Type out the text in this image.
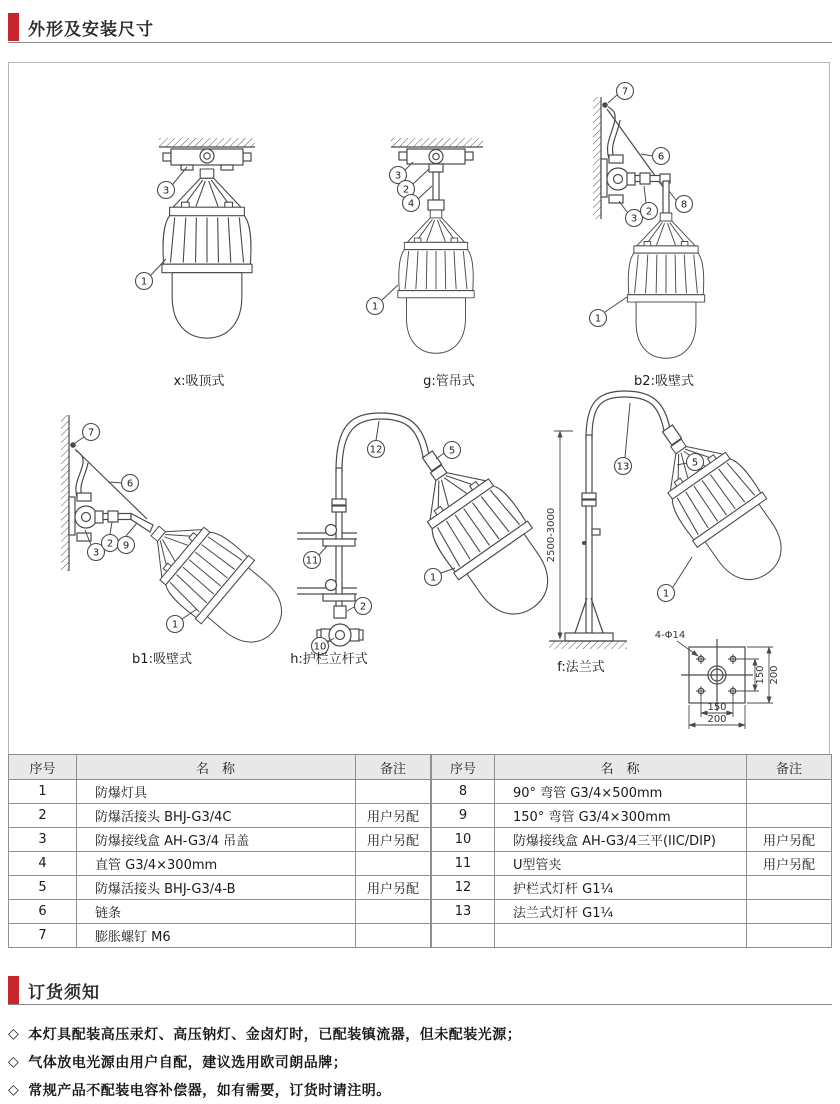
外形及安装尺寸
3
1
x:吸顶式
3
2
4
1
g:管吊式
7
6
3
2
8
1
b2:吸壁式
7
6
3
2 9
1
b1:吸壁式
12	5
11
2
10
1
h:护栏立杆式
2500-3000
13	5
1
f:法兰式
4-Φ14
150 200
150
200
序号	名　称	备注
1	防爆灯具	
2	防爆活接头 BHJ-G3/4C	用户另配
3	防爆接线盒 AH-G3/4 吊盖	用户另配
4	直管 G3/4×300mm	
5	防爆活接头 BHJ-G3/4-B	用户另配
6	链条	
7	膨胀螺钉 M6	
序号	名　称	备注
8	90° 弯管 G3/4×500mm	
9	150° 弯管 G3/4×300mm	
10	防爆接线盒 AH-G3/4三平(IIC/DIP)	用户另配
11	U型管夹	用户另配
12	护栏式灯杆 G1¼	
13	法兰式灯杆 G1¼	

订货须知
◇ 本灯具配装高压汞灯、高压钠灯、金卤灯时，已配装镇流器，但未配装光源；
◇ 气体放电光源由用户自配，建议选用欧司朗品牌；
◇ 常规产品不配装电容补偿器，如有需要，订货时请注明。
